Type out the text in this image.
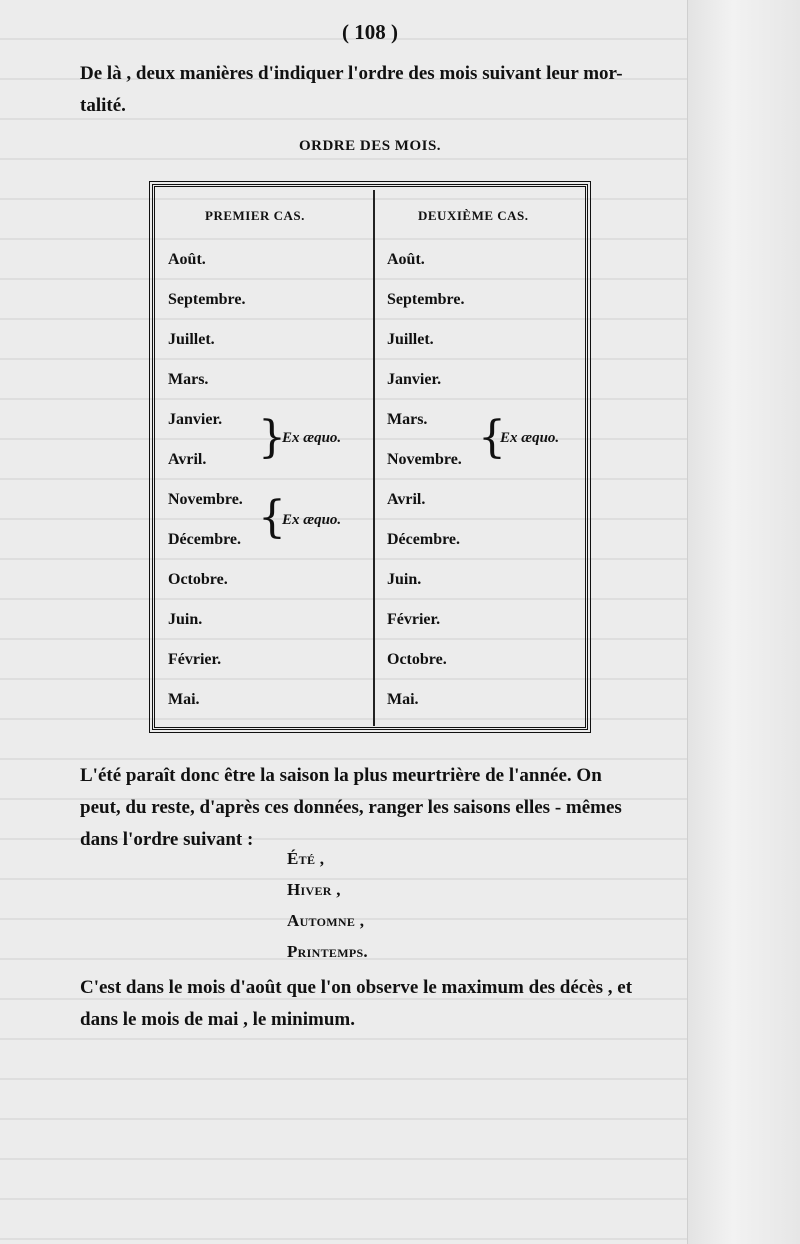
( 108 )
De là , deux manières d'indiquer l'ordre des mois suivant leur mor-
talité.
ORDRE DES MOIS.
PREMIER CAS.	DEUXIÈME CAS.
Août.
Septembre.
Juillet.
Mars.
Janvier.
Avril.
Novembre.
Décembre.
Octobre.
Juin.
Février.
Mai.
}
Ex æquo.
{
Ex æquo.
Août.
Septembre.
Juillet.
Janvier.
Mars.
Novembre.
Avril.
Décembre.
Juin.
Février.
Octobre.
Mai.
{
Ex æquo.
L'été paraît donc être la saison la plus meurtrière de l'année. On
peut, du reste, d'après ces données, ranger les saisons elles - mêmes
dans l'ordre suivant :
Été ,
Hiver ,
Automne ,
Printemps.
C'est dans le mois d'août que l'on observe le maximum des décès , et
dans le mois de mai , le minimum.
